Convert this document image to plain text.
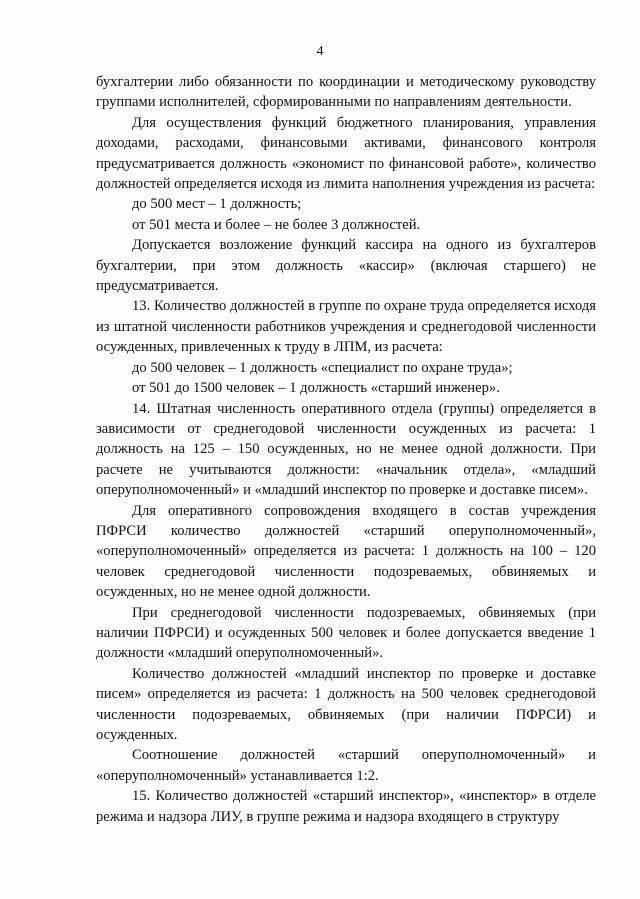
4

бухгалтерии либо обязанности по координации и методическому руководству группами исполнителей, сформированными по направлениям деятельности.

Для осуществления функций бюджетного планирования, управления доходами, расходами, финансовыми активами, финансового контроля предусматривается должность «экономист по финансовой работе», количество должностей определяется исходя из лимита наполнения учреждения из расчета:

до 500 мест – 1 должность;

от 501 места и более – не более 3 должностей.

Допускается возложение функций кассира на одного из бухгалтеров бухгалтерии, при этом должность «кассир» (включая старшего) не предусматривается.

13. Количество должностей в группе по охране труда определяется исходя из штатной численности работников учреждения и среднегодовой численности осужденных, привлеченных к труду в ЛПМ, из расчета:

до 500 человек – 1 должность «специалист по охране труда»;

от 501 до 1500 человек – 1 должность «старший инженер».

14. Штатная численность оперативного отдела (группы) определяется в зависимости от среднегодовой численности осужденных из расчета: 1 должность на 125 – 150 осужденных, но не менее одной должности. При расчете не учитываются должности: «начальник отдела», «младший оперуполномоченный» и «младший инспектор по проверке и доставке писем».

Для оперативного сопровождения входящего в состав учреждения ПФРСИ количество должностей «старший оперуполномоченный», «оперуполномоченный» определяется из расчета: 1 должность на 100 – 120 человек среднегодовой численности подозреваемых, обвиняемых и осужденных, но не менее одной должности.

При среднегодовой численности подозреваемых, обвиняемых (при наличии ПФРСИ) и осужденных 500 человек и более допускается введение 1 должности «младший оперуполномоченный».

Количество должностей «младший инспектор по проверке и доставке писем» определяется из расчета: 1 должность на 500 человек среднегодовой численности подозреваемых, обвиняемых (при наличии ПФРСИ) и осужденных.

Соотношение должностей «старший оперуполномоченный» и «оперуполномоченный» устанавливается 1:2.

15. Количество должностей «старший инспектор», «инспектор» в отделе режима и надзора ЛИУ, в группе режима и надзора входящего в структуру
